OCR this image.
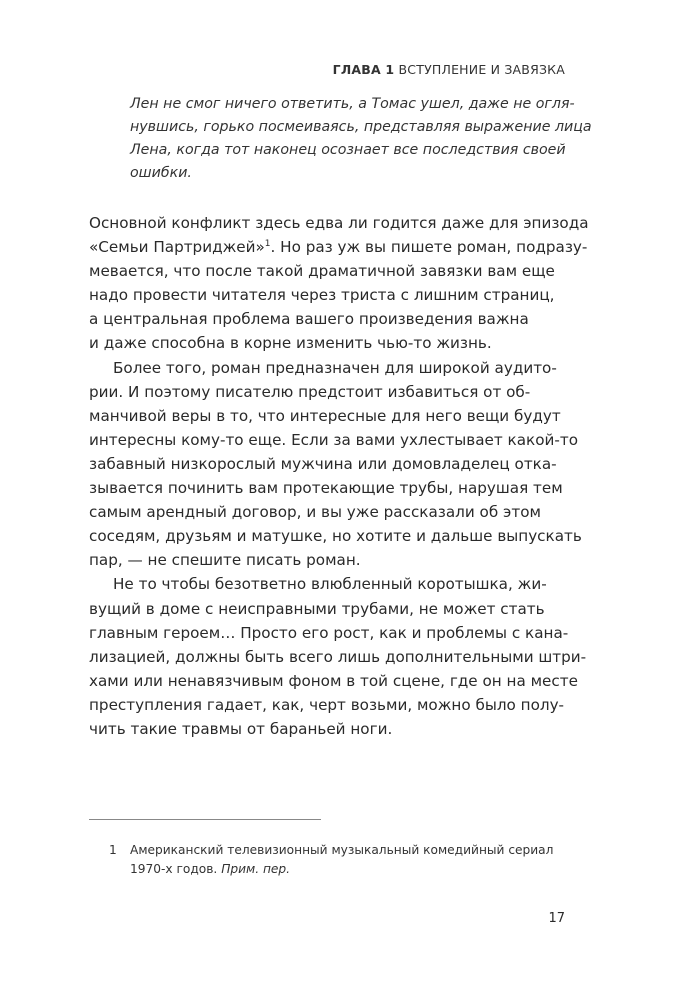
ГЛАВА 1 ВСТУПЛЕНИЕ И ЗАВЯЗКА
Лен не смог ничего ответить, а Томас ушел, даже не огля-
нувшись, горько посмеиваясь, представляя выражение лица
Лена, когда тот наконец осознает все последствия своей
ошибки.
Основной конфликт здесь едва ли годится даже для эпизода
«Семьи Партриджей»$^1$. Но раз уж вы пишете роман, подразу-
мевается, что после такой драматичной завязки вам еще
надо провести читателя через триста с лишним страниц,
а центральная проблема вашего произведения важна
и даже способна в корне изменить чью-то жизнь.
Более того, роман предназначен для широкой аудито-
рии. И поэтому писателю предстоит избавиться от об-
манчивой веры в то, что интересные для него вещи будут
интересны кому-то еще. Если за вами ухлестывает какой-то
забавный низкорослый мужчина или домовладелец отка-
зывается починить вам протекающие трубы, нарушая тем
самым арендный договор, и вы уже рассказали об этом
соседям, друзьям и матушке, но хотите и дальше выпускать
пар, — не спешите писать роман.
Не то чтобы безответно влюбленный коротышка, жи-
вущий в доме с неисправными трубами, не может стать
главным героем… Просто его рост, как и проблемы с кана-
лизацией, должны быть всего лишь дополнительными штри-
хами или ненавязчивым фоном в той сцене, где он на месте
преступления гадает, как, черт возьми, можно было полу-
чить такие травмы от бараньей ноги.
1 Американский телевизионный музыкальный комедийный сериал
1970-х годов. Прим. пер.
17
